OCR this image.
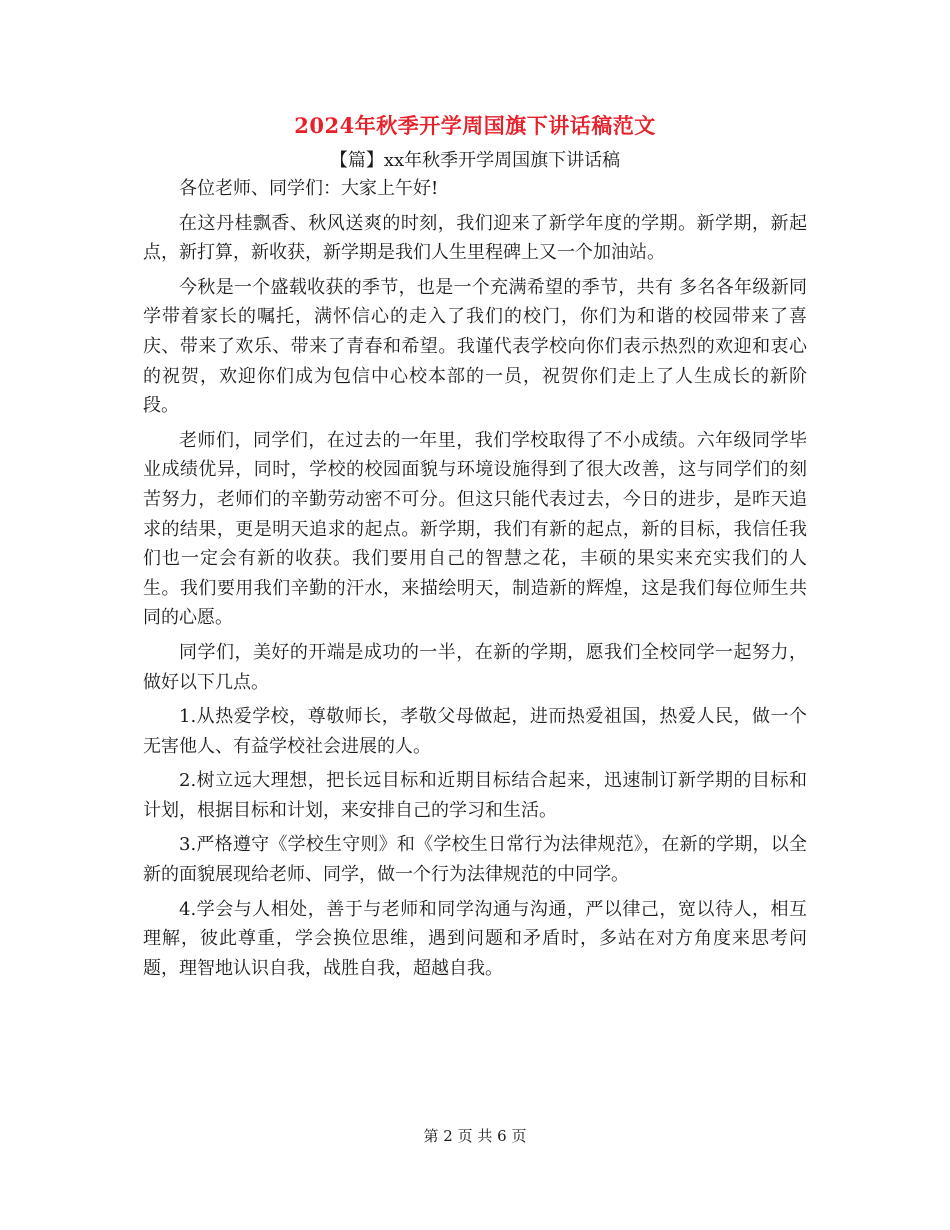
2024年秋季开学周国旗下讲话稿范文
【篇】xx年秋季开学周国旗下讲话稿

各位老师、同学们：大家上午好!

在这丹桂飘香、秋风送爽的时刻，我们迎来了新学年度的学期。新学期，新起点，新打算，新收获，新学期是我们人生里程碑上又一个加油站。

今秋是一个盛载收获的季节，也是一个充满希望的季节，共有 多名各年级新同学带着家长的嘱托，满怀信心的走入了我们的校门，你们为和谐的校园带来了喜庆、带来了欢乐、带来了青春和希望。我谨代表学校向你们表示热烈的欢迎和衷心的祝贺，欢迎你们成为包信中心校本部的一员，祝贺你们走上了人生成长的新阶段。

老师们，同学们，在过去的一年里，我们学校取得了不小成绩。六年级同学毕业成绩优异，同时，学校的校园面貌与环境设施得到了很大改善，这与同学们的刻苦努力，老师们的辛勤劳动密不可分。但这只能代表过去，今日的进步，是昨天追求的结果，更是明天追求的起点。新学期，我们有新的起点，新的目标，我信任我们也一定会有新的收获。我们要用自己的智慧之花，丰硕的果实来充实我们的人生。我们要用我们辛勤的汗水，来描绘明天，制造新的辉煌，这是我们每位师生共同的心愿。

同学们，美好的开端是成功的一半，在新的学期，愿我们全校同学一起努力，做好以下几点。

1.从热爱学校，尊敬师长，孝敬父母做起，进而热爱祖国，热爱人民，做一个无害他人、有益学校社会进展的人。

2.树立远大理想，把长远目标和近期目标结合起来，迅速制订新学期的目标和计划，根据目标和计划，来安排自己的学习和生活。

3.严格遵守《学校生守则》和《学校生日常行为法律规范》，在新的学期，以全新的面貌展现给老师、同学，做一个行为法律规范的中同学。

4.学会与人相处，善于与老师和同学沟通与沟通，严以律己，宽以待人，相互理解，彼此尊重，学会换位思维，遇到问题和矛盾时，多站在对方角度来思考问题，理智地认识自我，战胜自我，超越自我。

第 2 页 共 6 页
